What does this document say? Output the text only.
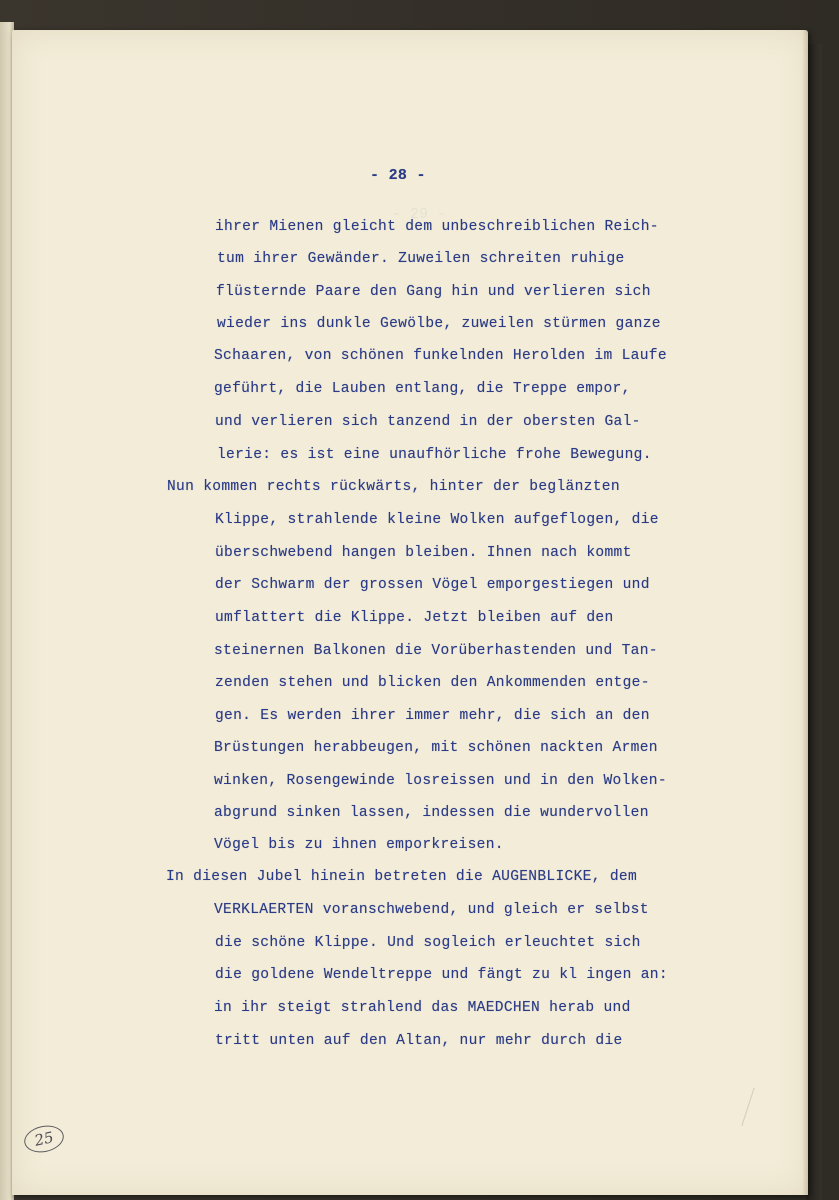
- 29 -
- 28 -
ihrer Mienen gleicht dem unbeschreiblichen Reich-
tum ihrer Gewänder. Zuweilen schreiten ruhige
flüsternde Paare den Gang hin und verlieren sich
wieder ins dunkle Gewölbe, zuweilen stürmen ganze
Schaaren, von schönen funkelnden Herolden im Laufe
geführt, die Lauben entlang, die Treppe empor,
und verlieren sich tanzend in der obersten Gal-
lerie: es ist eine unaufhörliche frohe Bewegung.
Nun kommen rechts rückwärts, hinter der beglänzten
Klippe, strahlende kleine Wolken aufgeflogen, die
überschwebend hangen bleiben. Ihnen nach kommt
der Schwarm der grossen Vögel emporgestiegen und
umflattert die Klippe. Jetzt bleiben auf den
steinernen Balkonen die Vorüberhastenden und Tan-
zenden stehen und blicken den Ankommenden entge-
gen. Es werden ihrer immer mehr, die sich an den
Brüstungen herabbeugen, mit schönen nackten Armen
winken, Rosengewinde losreissen und in den Wolken-
abgrund sinken lassen, indessen die wundervollen
Vögel bis zu ihnen emporkreisen.
In diesen Jubel hinein betreten die AUGENBLICKE, dem
VERKLAERTEN voranschwebend, und gleich er selbst
die schöne Klippe. Und sogleich erleuchtet sich
die goldene Wendeltreppe und fängt zu kl ingen an:
in ihr steigt strahlend das MAEDCHEN herab und
tritt unten auf den Altan, nur mehr durch die
25
